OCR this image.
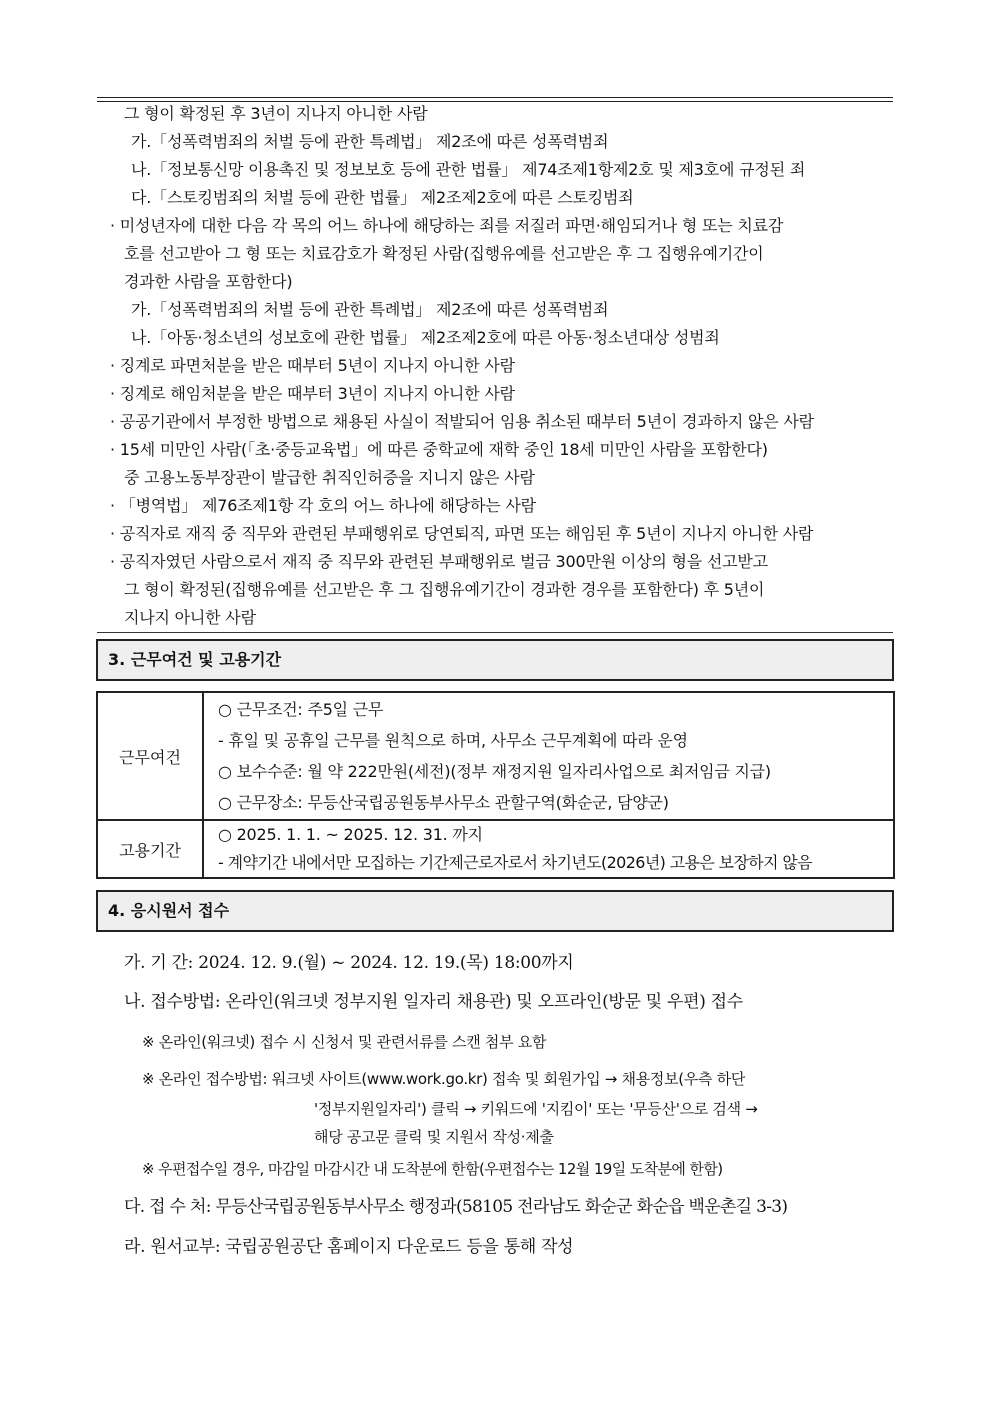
그 형이 확정된 후 3년이 지나지 아니한 사람
가.「성폭력범죄의 처벌 등에 관한 특례법」 제2조에 따른 성폭력범죄
나.「정보통신망 이용촉진 및 정보보호 등에 관한 법률」 제74조제1항제2호 및 제3호에 규정된 죄
다.「스토킹범죄의 처벌 등에 관한 법률」 제2조제2호에 따른 스토킹범죄
· 미성년자에 대한 다음 각 목의 어느 하나에 해당하는 죄를 저질러 파면·해임되거나 형 또는 치료감
호를 선고받아 그 형 또는 치료감호가 확정된 사람(집행유예를 선고받은 후 그 집행유예기간이
경과한 사람을 포함한다)
가.「성폭력범죄의 처벌 등에 관한 특례법」 제2조에 따른 성폭력범죄
나.「아동·청소년의 성보호에 관한 법률」 제2조제2호에 따른 아동·청소년대상 성범죄
· 징계로 파면처분을 받은 때부터 5년이 지나지 아니한 사람
· 징계로 해임처분을 받은 때부터 3년이 지나지 아니한 사람
· 공공기관에서 부정한 방법으로 채용된 사실이 적발되어 임용 취소된 때부터 5년이 경과하지 않은 사람
· 15세 미만인 사람(「초·중등교육법」에 따른 중학교에 재학 중인 18세 미만인 사람을 포함한다)
중 고용노동부장관이 발급한 취직인허증을 지니지 않은 사람
· 「병역법」 제76조제1항 각 호의 어느 하나에 해당하는 사람
· 공직자로 재직 중 직무와 관련된 부패행위로 당연퇴직, 파면 또는 해임된 후 5년이 지나지 아니한 사람
· 공직자였던 사람으로서 재직 중 직무와 관련된 부패행위로 벌금 300만원 이상의 형을 선고받고
그 형이 확정된(집행유예를 선고받은 후 그 집행유예기간이 경과한 경우를 포함한다) 후 5년이
지나지 아니한 사람
3. 근무여건 및 고용기간
근무여건	○ 근무조건: 주5일 근무
- 휴일 및 공휴일 근무를 원칙으로 하며, 사무소 근무계획에 따라 운영
○ 보수수준: 월 약 222만원(세전)(정부 재정지원 일자리사업으로 최저임금 지급)
○ 근무장소: 무등산국립공원동부사무소 관할구역(화순군, 담양군)

고용기간	○ 2025. 1. 1. ~ 2025. 12. 31. 까지
- 계약기간 내에서만 모집하는 기간제근로자로서 차기년도(2026년) 고용은 보장하지 않음
4. 응시원서 접수
가. 기 간: 2024. 12. 9.(월) ~ 2024. 12. 19.(목) 18:00까지
나. 접수방법: 온라인(워크넷 정부지원 일자리 채용관) 및 오프라인(방문 및 우편) 접수
※ 온라인(워크넷) 접수 시 신청서 및 관련서류를 스캔 첨부 요함
※ 온라인 접수방법: 워크넷 사이트(www.work.go.kr) 접속 및 회원가입 → 채용정보(우측 하단
'정부지원일자리') 클릭 → 키워드에 '지킴이' 또는 '무등산'으로 검색 →
해당 공고문 클릭 및 지원서 작성·제출
※ 우편접수일 경우, 마감일 마감시간 내 도착분에 한함(우편접수는 12월 19일 도착분에 한함)
다. 접 수 처: 무등산국립공원동부사무소 행정과(58105 전라남도 화순군 화순읍 백운촌길 3-3)
라. 원서교부: 국립공원공단 홈페이지 다운로드 등을 통해 작성
